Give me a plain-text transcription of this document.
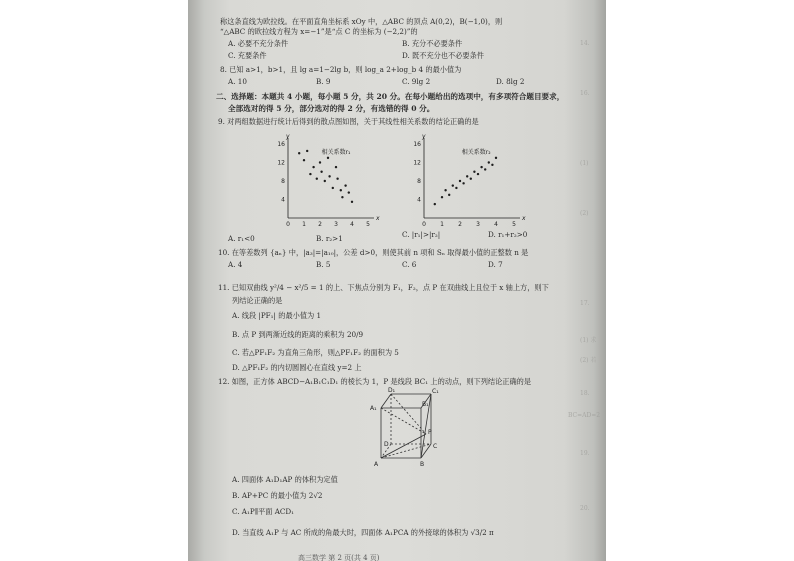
称这条直线为欧拉线。在平面直角坐标系 xOy 中，△ABC 的顶点 A(0,2)，B(−1,0)，则
“△ABC 的欧拉线方程为 x=−1”是“点 C 的坐标为 (−2,2)”的
A. 必要不充分条件	B. 充分不必要条件
C. 充要条件	D. 既不充分也不必要条件
8. 已知 a>1，b>1，且 lg a=1−2lg b，则 log_a 2+log_b 4 的最小值为
A. 10	B. 9	C. 9lg 2	D. 8lg 2
二、选择题：本题共 4 小题，每小题 5 分，共 20 分。在每小题给出的选项中，有多项符合题目要求，
全部选对的得 5 分，部分选对的得 2 分，有选错的得 0 分。
9. 对两组数据进行统计后得到的散点图如图，关于其线性相关系数的结论正确的是
0 1 2 3 4 5
4
8
12
16
x
y
相关系数r₁
0 1 2 3 4 5
4
8
12
16
x
y
相关系数r₂
A. r₁<0	B. r₂>1	C. |r₁|>|r₂|	D. r₁+r₂>0
10. 在等差数列 {aₙ} 中，|a₃|=|a₁₀|，公差 d>0，则使其前 n 项和 Sₙ 取得最小值的正整数 n 是
A. 4	B. 5	C. 6	D. 7
11. 已知双曲线 y²/4 − x²/5 = 1 的上、下焦点分别为 F₁，F₂，点 P 在双曲线上且位于 x 轴上方，则下
列结论正确的是
A. 线段 |PF₁| 的最小值为 1
B. 点 P 到两渐近线的距离的乘积为 20/9
C. 若△PF₁F₂ 为直角三角形，则△PF₁F₂ 的面积为 5
D. △PF₁F₂ 的内切圆圆心在直线 y=2 上
12. 如图，正方体 ABCD−A₁B₁C₁D₁ 的棱长为 1，P 是线段 BC₁ 上的动点，则下列结论正确的是
D₁	C₁
A₁
B₁
D	C
A	B
P
A. 四面体 A₁D₁AP 的体积为定值
B. AP+PC 的最小值为 2√2
C. A₁P∥平面 ACD₁
D. 当直线 A₁P 与 AC 所成的角最大时，四面体 A₁PCA 的外接球的体积为 √3/2 π
14.
16.
(1)
(2)
17.
18.
(1) 求
(2) 若
19.
20.
BC=AD=2
高三数学 第 2 页(共 4 页)
